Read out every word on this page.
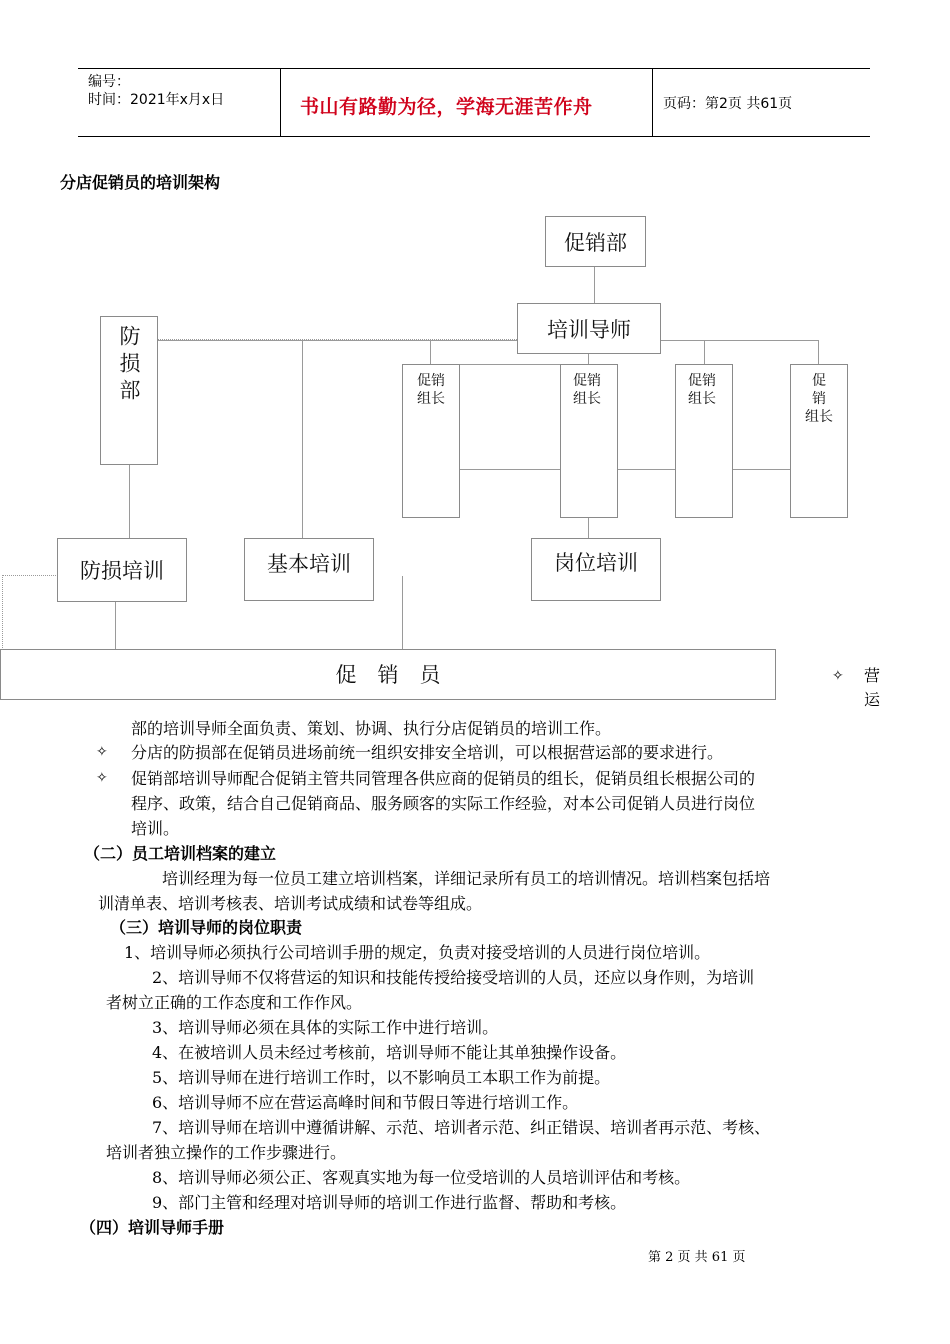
编号：
时间：2021年x月x日	书山有路勤为径，学海无涯苦作舟	页码：第2页 共61页
分店促销员的培训架构
促销部
培训导师
防损部	促销
组长
促销
组长
促销
组长
促
销
组长
防损培训	基本培训	岗位培训
促　销　员	✧ 营
运
部的培训导师全面负责、策划、协调、执行分店促销员的培训工作。
✧ 分店的防损部在促销员进场前统一组织安排安全培训，可以根据营运部的要求进行。
✧ 促销部培训导师配合促销主管共同管理各供应商的促销员的组长，促销员组长根据公司的
程序、政策，结合自己促销商品、服务顾客的实际工作经验，对本公司促销人员进行岗位
培训。
（二）员工培训档案的建立
培训经理为每一位员工建立培训档案，详细记录所有员工的培训情况。培训档案包括培
训清单表、培训考核表、培训考试成绩和试卷等组成。
（三）培训导师的岗位职责
1、培训导师必须执行公司培训手册的规定，负责对接受培训的人员进行岗位培训。
2、培训导师不仅将营运的知识和技能传授给接受培训的人员，还应以身作则，为培训
者树立正确的工作态度和工作作风。
3、培训导师必须在具体的实际工作中进行培训。
4、在被培训人员未经过考核前，培训导师不能让其单独操作设备。
5、培训导师在进行培训工作时，以不影响员工本职工作为前提。
6、培训导师不应在营运高峰时间和节假日等进行培训工作。
7、培训导师在培训中遵循讲解、示范、培训者示范、纠正错误、培训者再示范、考核、
培训者独立操作的工作步骤进行。
8、培训导师必须公正、客观真实地为每一位受培训的人员培训评估和考核。
9、部门主管和经理对培训导师的培训工作进行监督、帮助和考核。
（四）培训导师手册
第 2 页 共 61 页
